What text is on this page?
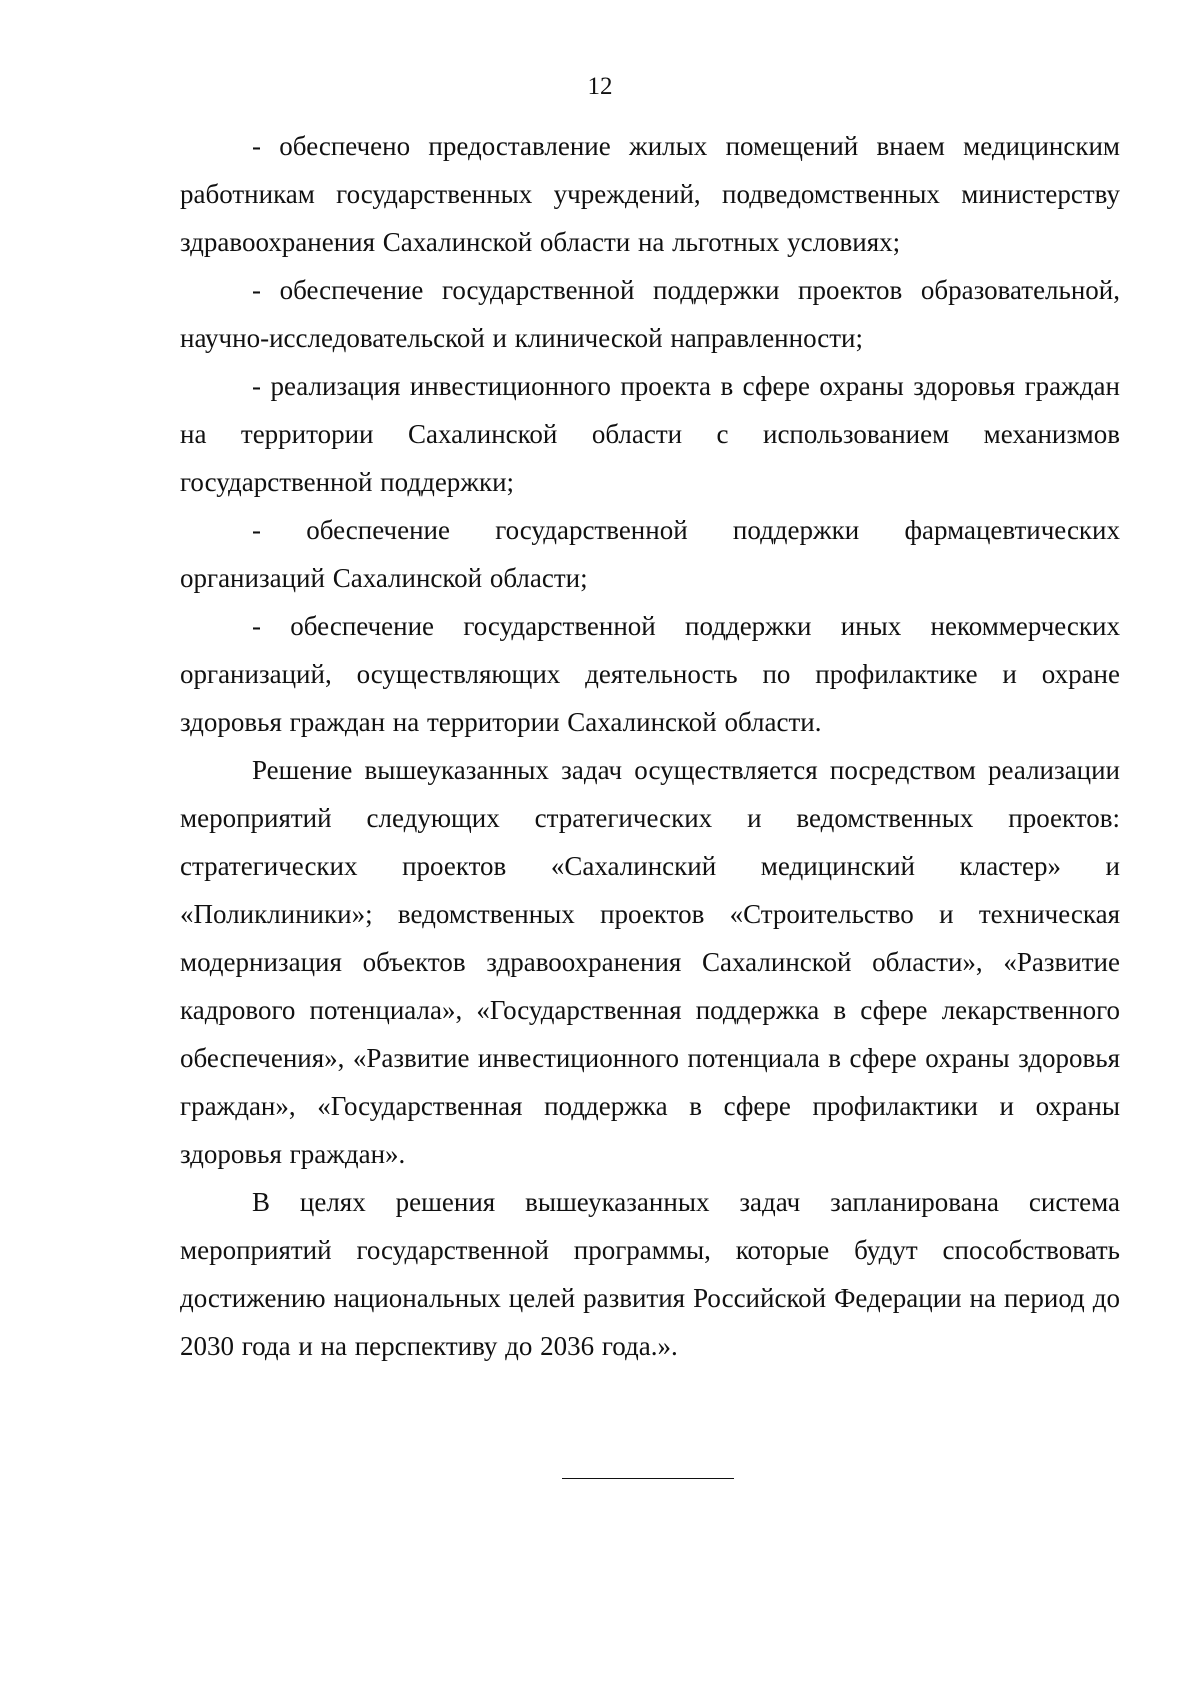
12

- обеспечено предоставление жилых помещений внаем медицинским работникам государственных учреждений, подведомственных министерству здравоохранения Сахалинской области на льготных условиях;

- обеспечение государственной поддержки проектов образовательной, научно-исследовательской и клинической направленности;

- реализация инвестиционного проекта в сфере охраны здоровья граждан на территории Сахалинской области с использованием механизмов государственной поддержки;

- обеспечение государственной поддержки фармацевтических организаций Сахалинской области;

- обеспечение государственной поддержки иных некоммерческих организаций, осуществляющих деятельность по профилактике и охране здоровья граждан на территории Сахалинской области.

Решение вышеуказанных задач осуществляется посредством реализации мероприятий следующих стратегических и ведомственных проектов: стратегических проектов «Сахалинский медицинский кластер» и «Поликлиники»; ведомственных проектов «Строительство и техническая модернизация объектов здравоохранения Сахалинской области», «Развитие кадрового потенциала», «Государственная поддержка в сфере лекарственного обеспечения», «Развитие инвестиционного потенциала в сфере охраны здоровья граждан», «Государственная поддержка в сфере профилактики и охраны здоровья граждан».

В целях решения вышеуказанных задач запланирована система мероприятий государственной программы, которые будут способствовать достижению национальных целей развития Российской Федерации на период до 2030 года и на перспективу до 2036 года.».
